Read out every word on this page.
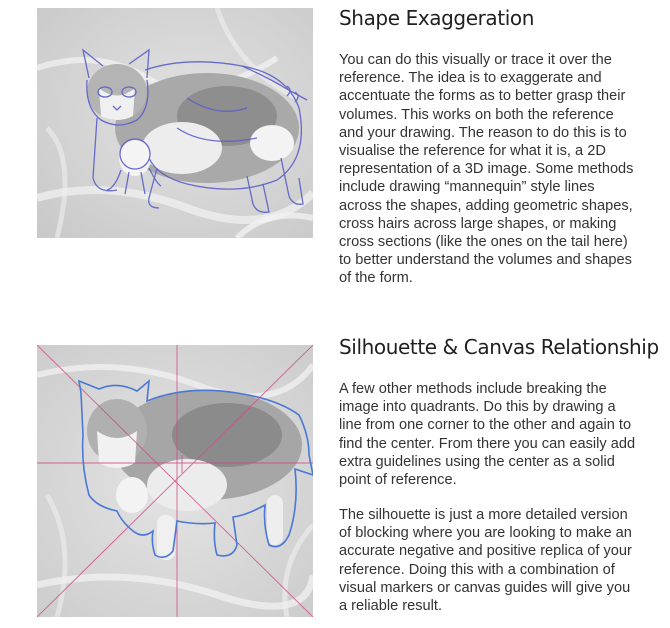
Shape Exaggeration

You can do this visually or trace it over the reference. The idea is to exaggerate and accentuate the forms as to better grasp their volumes. This works on both the reference and your drawing. The reason to do this is to visualise the reference for what it is, a 2D representation of a 3D image. Some methods include drawing “mannequin” style lines across the shapes, adding geometric shapes, cross hairs across large shapes, or making cross sections (like the ones on the tail here) to better understand the volumes and shapes of the form.

Silhouette & Canvas Relationship

A few other methods include breaking the image into quadrants. Do this by drawing a line from one corner to the other and again to find the center. From there you can easily add extra guidelines using the center as a solid point of reference.

The silhouette is just a more detailed version of blocking where you are looking to make an accurate negative and positive replica of your reference. Doing this with a combination of visual markers or canvas guides will give you a reliable result.
